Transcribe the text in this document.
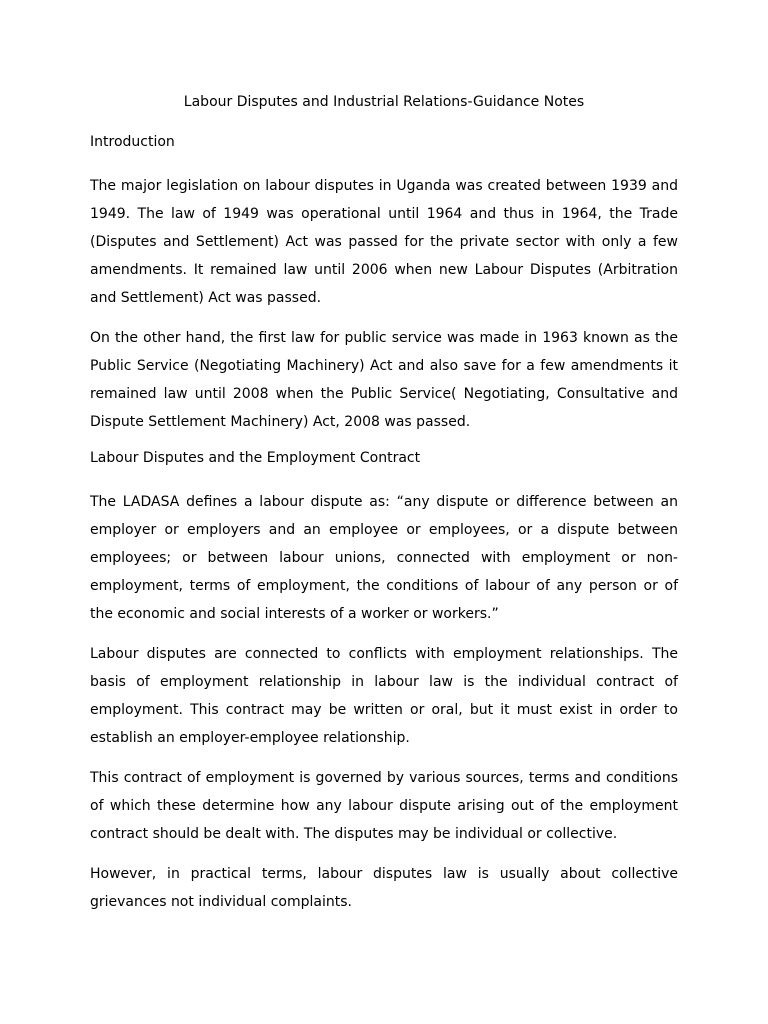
Labour Disputes and Industrial Relations-Guidance Notes
Introduction

The major legislation on labour disputes in Uganda was created between 1939 and 1949. The law of 1949 was operational until 1964 and thus in 1964, the Trade (Disputes and Settlement) Act was passed for the private sector with only a few amendments. It remained law until 2006 when new Labour Disputes (Arbitration and Settlement) Act was passed.

On the other hand, the first law for public service was made in 1963 known as the Public Service (Negotiating Machinery) Act and also save for a few amendments it remained law until 2008 when the Public Service( Negotiating, Consultative and Dispute Settlement Machinery) Act, 2008 was passed.

Labour Disputes and the Employment Contract

The LADASA defines a labour dispute as: “any dispute or difference between an employer or employers and an employee or employees, or a dispute between employees; or between labour unions, connected with employment or non-employment, terms of employment, the conditions of labour of any person or of the economic and social interests of a worker or workers.”

Labour disputes are connected to conflicts with employment relationships. The basis of employment relationship in labour law is the individual contract of employment. This contract may be written or oral, but it must exist in order to establish an employer-employee relationship.

This contract of employment is governed by various sources, terms and conditions of which these determine how any labour dispute arising out of the employment contract should be dealt with. The disputes may be individual or collective.

However, in practical terms, labour disputes law is usually about collective grievances not individual complaints.
